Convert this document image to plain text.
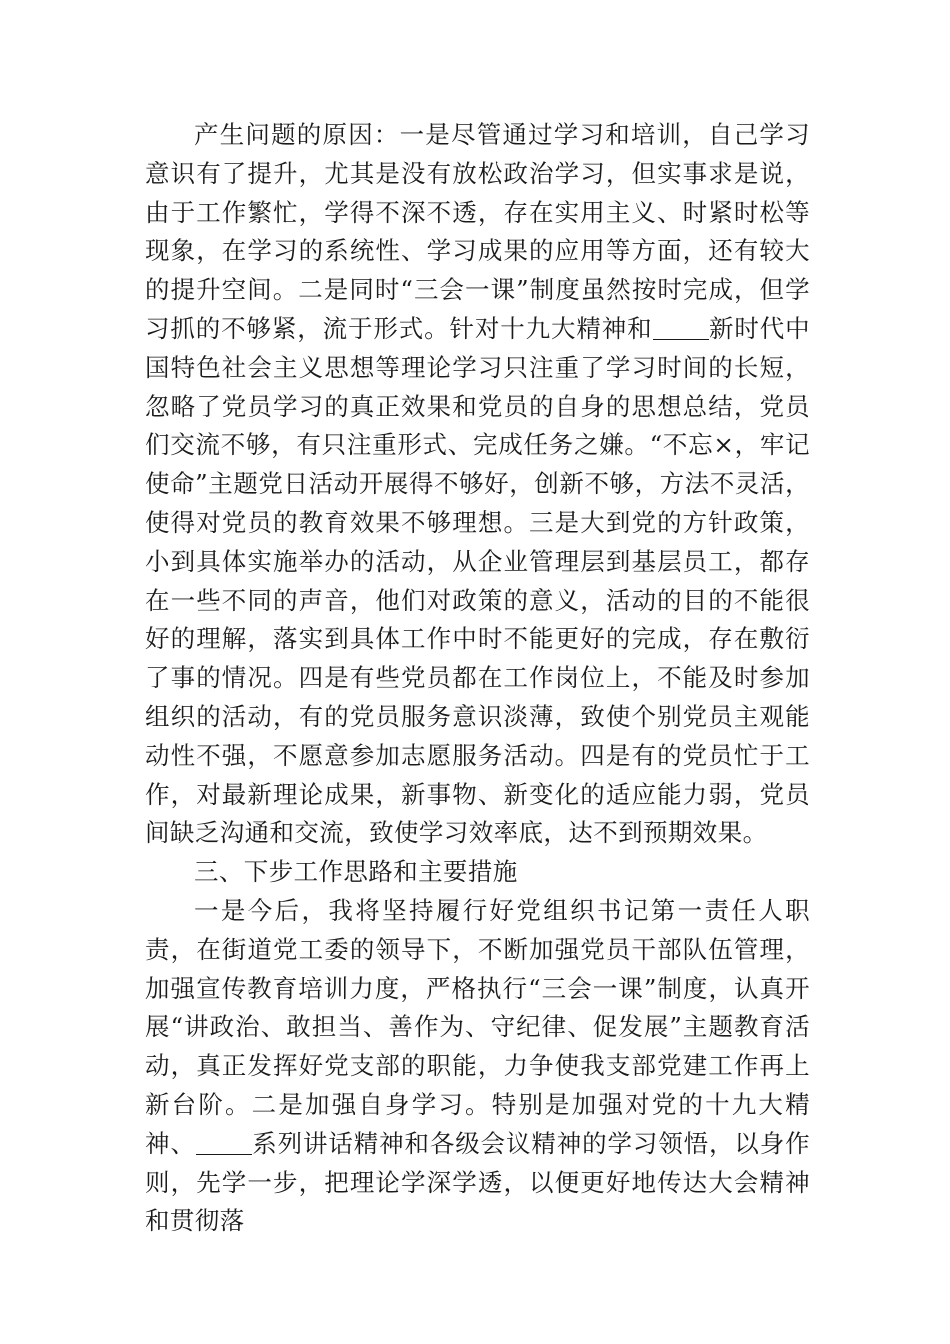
产生问题的原因：一是尽管通过学习和培训，自己学习意识有了提升，尤其是没有放松政治学习，但实事求是说，由于工作繁忙，学得不深不透，存在实用主义、时紧时松等现象，在学习的系统性、学习成果的应用等方面，还有较大的提升空间。二是同时“三会一课”制度虽然按时完成，但学习抓的不够紧，流于形式。针对十九大精神和 新时代中国特色社会主义思想等理论学习只注重了学习时间的长短，忽略了党员学习的真正效果和党员的自身的思想总结，党员们交流不够，有只注重形式、完成任务之嫌。“不忘×，牢记使命”主题党日活动开展得不够好，创新不够，方法不灵活，使得对党员的教育效果不够理想。三是大到党的方针政策，小到具体实施举办的活动，从企业管理层到基层员工，都存在一些不同的声音，他们对政策的意义，活动的目的不能很好的理解，落实到具体工作中时不能更好的完成，存在敷衍了事的情况。四是有些党员都在工作岗位上，不能及时参加组织的活动，有的党员服务意识淡薄，致使个别党员主观能动性不强，不愿意参加志愿服务活动。四是有的党员忙于工作，对最新理论成果，新事物、新变化的适应能力弱，党员间缺乏沟通和交流，致使学习效率底，达不到预期效果。

三、下步工作思路和主要措施

一是今后，我将坚持履行好党组织书记第一责任人职责，在街道党工委的领导下，不断加强党员干部队伍管理，加强宣传教育培训力度，严格执行“三会一课”制度，认真开展“讲政治、敢担当、善作为、守纪律、促发展”主题教育活动，真正发挥好党支部的职能，力争使我支部党建工作再上新台阶。二是加强自身学习。特别是加强对党的十九大精神、 系列讲话精神和各级会议精神的学习领悟，以身作则，先学一步，把理论学深学透，以便更好地传达大会精神和贯彻落
